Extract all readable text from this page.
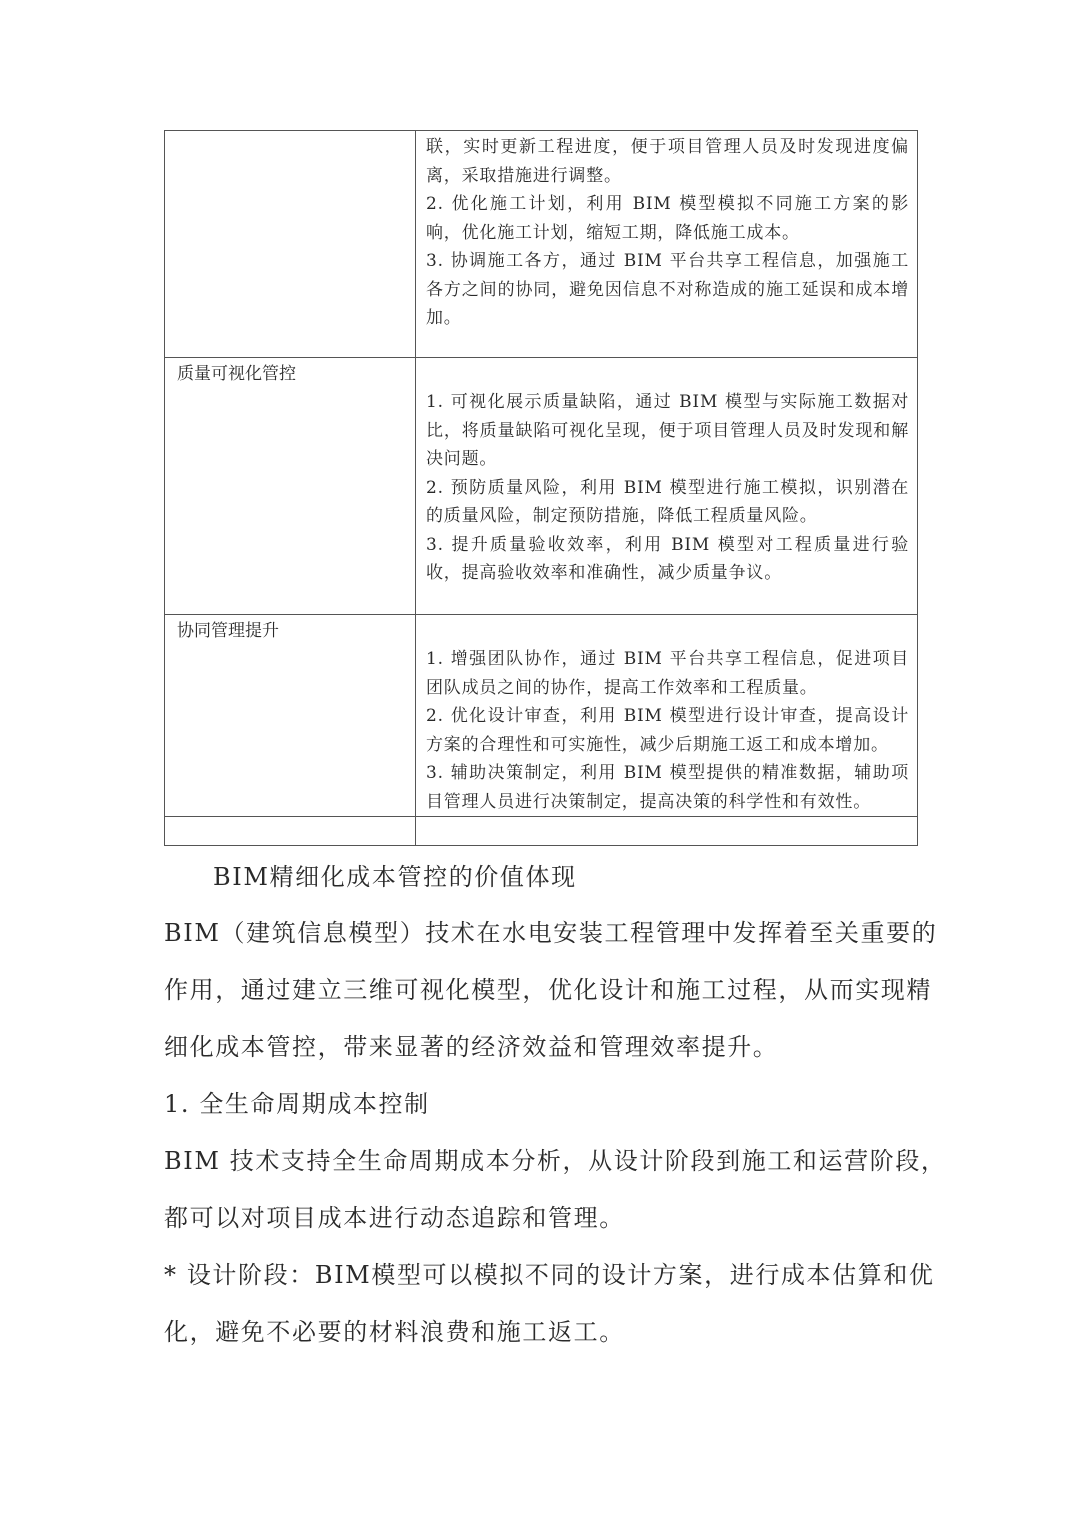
	联，实时更新工程进度，便于项目管理人员及时发现进度偏离，采取措施进行调整。

2. 优化施工计划，利用 BIM 模型模拟不同施工方案的影响，优化施工计划，缩短工期，降低施工成本。

3. 协调施工各方，通过 BIM 平台共享工程信息，加强施工各方之间的协同，避免因信息不对称造成的施工延误和成本增加。

质量可视化管控	1. 可视化展示质量缺陷，通过 BIM 模型与实际施工数据对比，将质量缺陷可视化呈现，便于项目管理人员及时发现和解决问题。

2. 预防质量风险，利用 BIM 模型进行施工模拟，识别潜在的质量风险，制定预防措施，降低工程质量风险。

3. 提升质量验收效率，利用 BIM 模型对工程质量进行验收，提高验收效率和准确性，减少质量争议。

协同管理提升	1. 增强团队协作，通过 BIM 平台共享工程信息，促进项目团队成员之间的协作，提高工作效率和工程质量。

2. 优化设计审查，利用 BIM 模型进行设计审查，提高设计方案的合理性和可实施性，减少后期施工返工和成本增加。

3. 辅助决策制定，利用 BIM 模型提供的精准数据，辅助项目管理人员进行决策制定，提高决策的科学性和有效性。

BIM精细化成本管控的价值体现

BIM（建筑信息模型）技术在水电安装工程管理中发挥着至关重要的

作用，通过建立三维可视化模型，优化设计和施工过程，从而实现精

细化成本管控，带来显著的经济效益和管理效率提升。

1. 全生命周期成本控制

BIM 技术支持全生命周期成本分析，从设计阶段到施工和运营阶段，

都可以对项目成本进行动态追踪和管理。

* 设计阶段：BIM模型可以模拟不同的设计方案，进行成本估算和优

化，避免不必要的材料浪费和施工返工。
